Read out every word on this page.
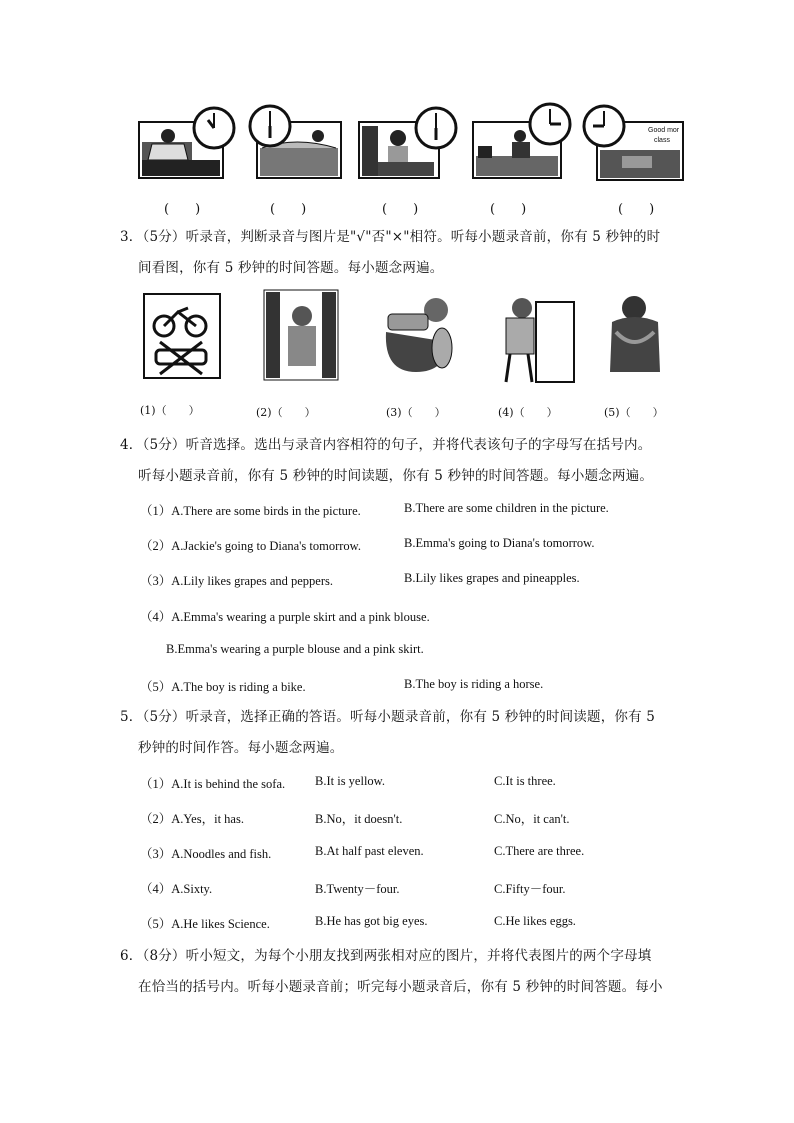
Good mor
class
(　　)	(　　)	(　　)	(　　)	(　　)
3．（5分）听录音，判断录音与图片是"√"否"×"相符。听每小题录音前，你有 5 秒钟的时
间看图，你有 5 秒钟的时间答题。每小题念两遍。
(1)（　　）	(2)（　　）	(3)（　　）	(4)（　　）	(5)（　　）
4．（5分）听音选择。选出与录音内容相符的句子，并将代表该句子的字母写在括号内。
听每小题录音前，你有 5 秒钟的时间读题，你有 5 秒钟的时间答题。每小题念两遍。
（1）A.There are some birds in the picture.	B.There are some children in the picture.
（2）A.Jackie's going to Diana's tomorrow.	B.Emma's going to Diana's tomorrow.
（3）A.Lily likes grapes and peppers.	B.Lily likes grapes and pineapples.
（4）A.Emma's wearing a purple skirt and a pink blouse.
B.Emma's wearing a purple blouse and a pink skirt.
（5）A.The boy is riding a bike.	B.The boy is riding a horse.
5．（5分）听录音，选择正确的答语。听每小题录音前，你有 5 秒钟的时间读题，你有 5
秒钟的时间作答。每小题念两遍。
（1）A.It is behind the sofa. B.It is yellow.	C.It is three.
（2）A.Yes，it has.	B.No，it doesn't.	C.No，it can't.
（3）A.Noodles and fish.	B.At half past eleven.	C.There are three.
（4）A.Sixty.	B.Twenty－four.	C.Fifty－four.
（5）A.He likes Science.	B.He has got big eyes.	C.He likes eggs.
6．（8分）听小短文，为每个小朋友找到两张相对应的图片，并将代表图片的两个字母填
在恰当的括号内。听每小题录音前；听完每小题录音后，你有 5 秒钟的时间答题。每小
